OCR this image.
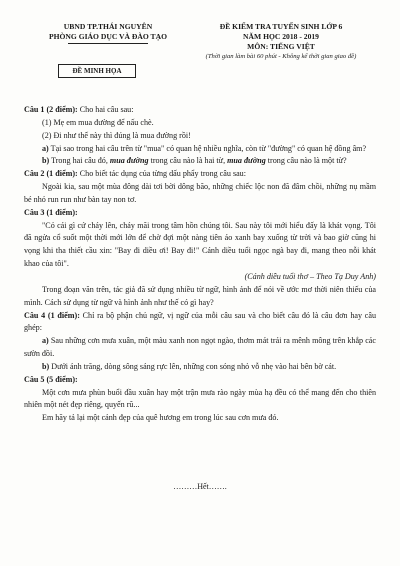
UBND TP.THÁI NGUYÊN
PHÒNG GIÁO DỤC VÀ ĐÀO TẠO
ĐỀ MINH HỌA
ĐỀ KIỂM TRA TUYỂN SINH LỚP 6
NĂM HỌC 2018 - 2019
MÔN: TIẾNG VIỆT
(Thời gian làm bài 60 phút - Không kể thời gian giao đề)

Câu 1 (2 điểm): Cho hai câu sau:

(1) Mẹ em mua đường để nấu chè.

(2) Đi như thế này thì đúng là mua đường rồi!

a) Tại sao trong hai câu trên từ "mua" có quan hệ nhiều nghĩa, còn từ "đường" có quan hệ đồng âm?

b) Trong hai câu đó, mua đường trong câu nào là hai từ, mua đường trong câu nào là một từ?

Câu 2 (1 điểm): Cho biết tác dụng của từng dấu phẩy trong câu sau:

Ngoài kia, sau một mùa đông dài tơi bời dông bão, những chiếc lộc non đã đâm chồi, những nụ mầm bé nhỏ run run như bàn tay non tơ.

Câu 3 (1 điểm):

"Cỏ cái gì cứ cháy lên, cháy mãi trong tâm hồn chúng tôi. Sau này tôi mới hiểu đấy là khát vọng. Tôi đã ngửa cổ suốt một thời mới lớn để chờ đợi một nàng tiên áo xanh bay xuống từ trời và bao giờ cũng hi vọng khi tha thiết cầu xin: "Bay đi diều ơi! Bay đi!" Cánh diều tuổi ngọc ngà bay đi, mang theo nỗi khát khao của tôi".

(Cánh diều tuổi thơ – Theo Tạ Duy Anh)

Trong đoạn văn trên, tác giả đã sử dụng nhiều từ ngữ, hình ảnh để nói về ước mơ thời niên thiếu của mình. Cách sử dụng từ ngữ và hình ảnh như thế có gì hay?

Câu 4 (1 điểm): Chỉ ra bộ phận chủ ngữ, vị ngữ của mỗi câu sau và cho biết câu đó là câu đơn hay câu ghép:

a) Sau những cơn mưa xuân, một màu xanh non ngọt ngào, thơm mát trải ra mênh mông trên khắp các sườn đồi.

b) Dưới ánh trăng, dòng sông sáng rực lên, những con sóng nhỏ vỗ nhẹ vào hai bên bờ cát.

Câu 5 (5 điểm):

Một cơn mưa phùn buổi đầu xuân hay một trận mưa rào ngày mùa hạ đều có thể mang đến cho thiên nhiên một nét đẹp riêng, quyến rũ...

Em hãy tả lại một cảnh đẹp của quê hương em trong lúc sau cơn mưa đó.

………Hết…….
